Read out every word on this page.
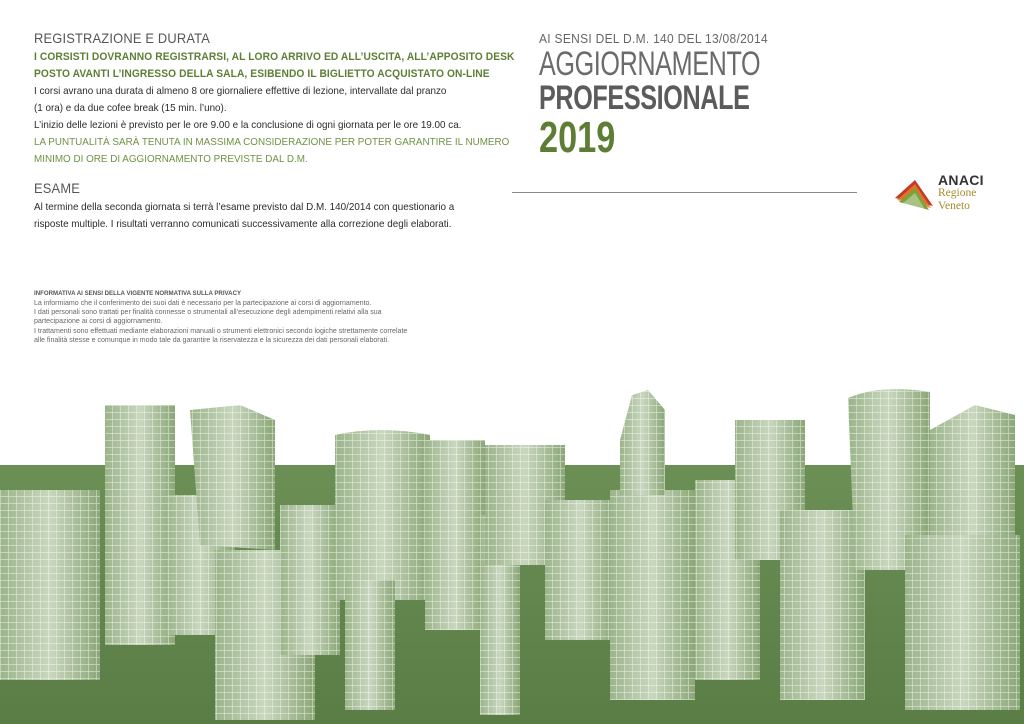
REGISTRAZIONE E DURATA
I CORSISTI DOVRANNO REGISTRARSI, AL LORO ARRIVO ED ALL’USCITA, ALL’APPOSITO DESK
POSTO AVANTI L’INGRESSO DELLA SALA, ESIBENDO IL BIGLIETTO ACQUISTATO ON-LINE
I corsi avrano una durata di almeno 8 ore giornaliere effettive di lezione, intervallate dal pranzo
(1 ora) e da due cofee break (15 min. l’uno).
L’inizio delle lezioni è previsto per le ore 9.00 e la conclusione di ogni giornata per le ore 19.00 ca.
LA PUNTUALITÀ SARÀ TENUTA IN MASSIMA CONSIDERAZIONE PER POTER GARANTIRE IL NUMERO
MINIMO DI ORE DI AGGIORNAMENTO PREVISTE DAL D.M.
ESAME
Al termine della seconda giornata si terrà l’esame previsto dal D.M. 140/2014 con questionario a
risposte multiple. I risultati verranno comunicati successivamente alla correzione degli elaborati.
INFORMATIVA AI SENSI DELLA VIGENTE NORMATIVA SULLA PRIVACY
La informiamo che il conferimento dei suoi dati è necessario per la partecipazione ai corsi di aggiornamento.
I dati personali sono trattati per finalità connesse o strumentali all’esecuzione degli adempimenti relativi alla sua
partecipazione ai corsi di aggiornamento.
I trattamenti sono effettuati mediante elaborazioni manuali o strumenti elettronici secondo logiche strettamente correlate
alle finalità stesse e comunque in modo tale da garantire la riservatezza e la sicurezza dei dati personali elaborati.
AI SENSI DEL D.M. 140 DEL 13/08/2014
AGGIORNAMENTO
PROFESSIONALE
2019
ANACI
Regione
Veneto
